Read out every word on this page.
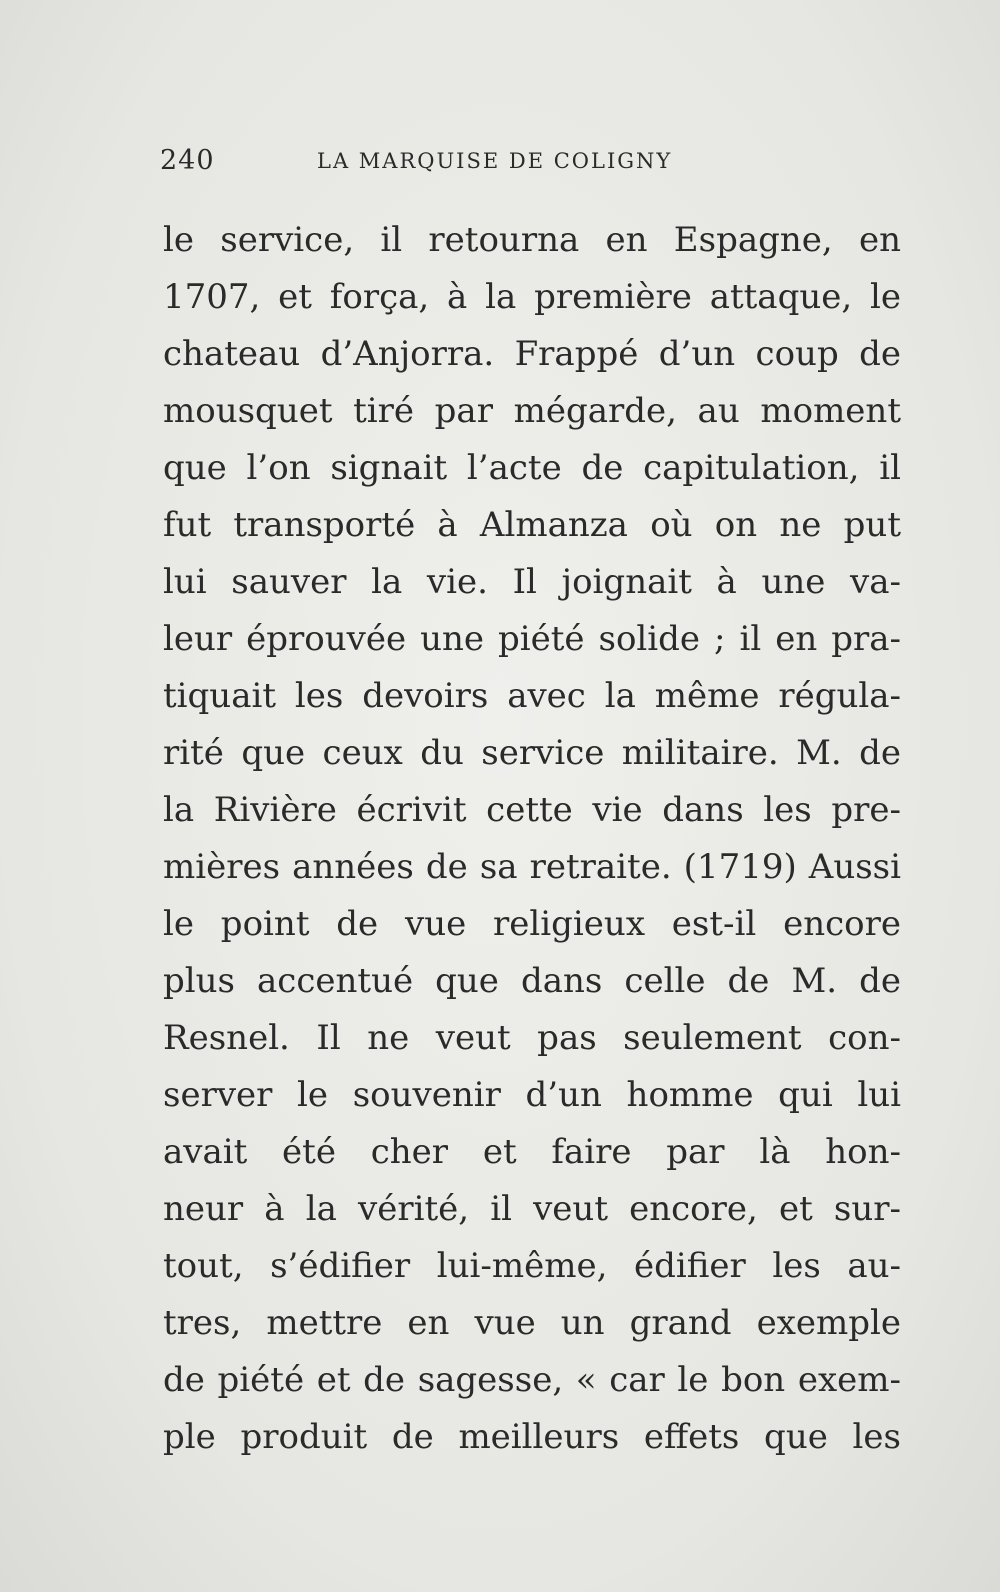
240	LA MARQUISE DE COLIGNY
le service, il retourna en Espagne, en
1707, et força, à la première attaque, le
chateau d’Anjorra. Frappé d’un coup de
mousquet tiré par mégarde, au moment
que l’on signait l’acte de capitulation, il
fut transporté à Almanza où on ne put
lui sauver la vie. Il joignait à une va-
leur éprouvée une piété solide ; il en pra-
tiquait les devoirs avec la même régula-
rité que ceux du service militaire. M. de
la Rivière écrivit cette vie dans les pre-
mières années de sa retraite. (1719) Aussi
le point de vue religieux est-il encore
plus accentué que dans celle de M. de
Resnel. Il ne veut pas seulement con-
server le souvenir d’un homme qui lui
avait été cher et faire par là hon-
neur à la vérité, il veut encore, et sur-
tout, s’édifier lui-même, édifier les au-
tres, mettre en vue un grand exemple
de piété et de sagesse, « car le bon exem-
ple produit de meilleurs effets que les
